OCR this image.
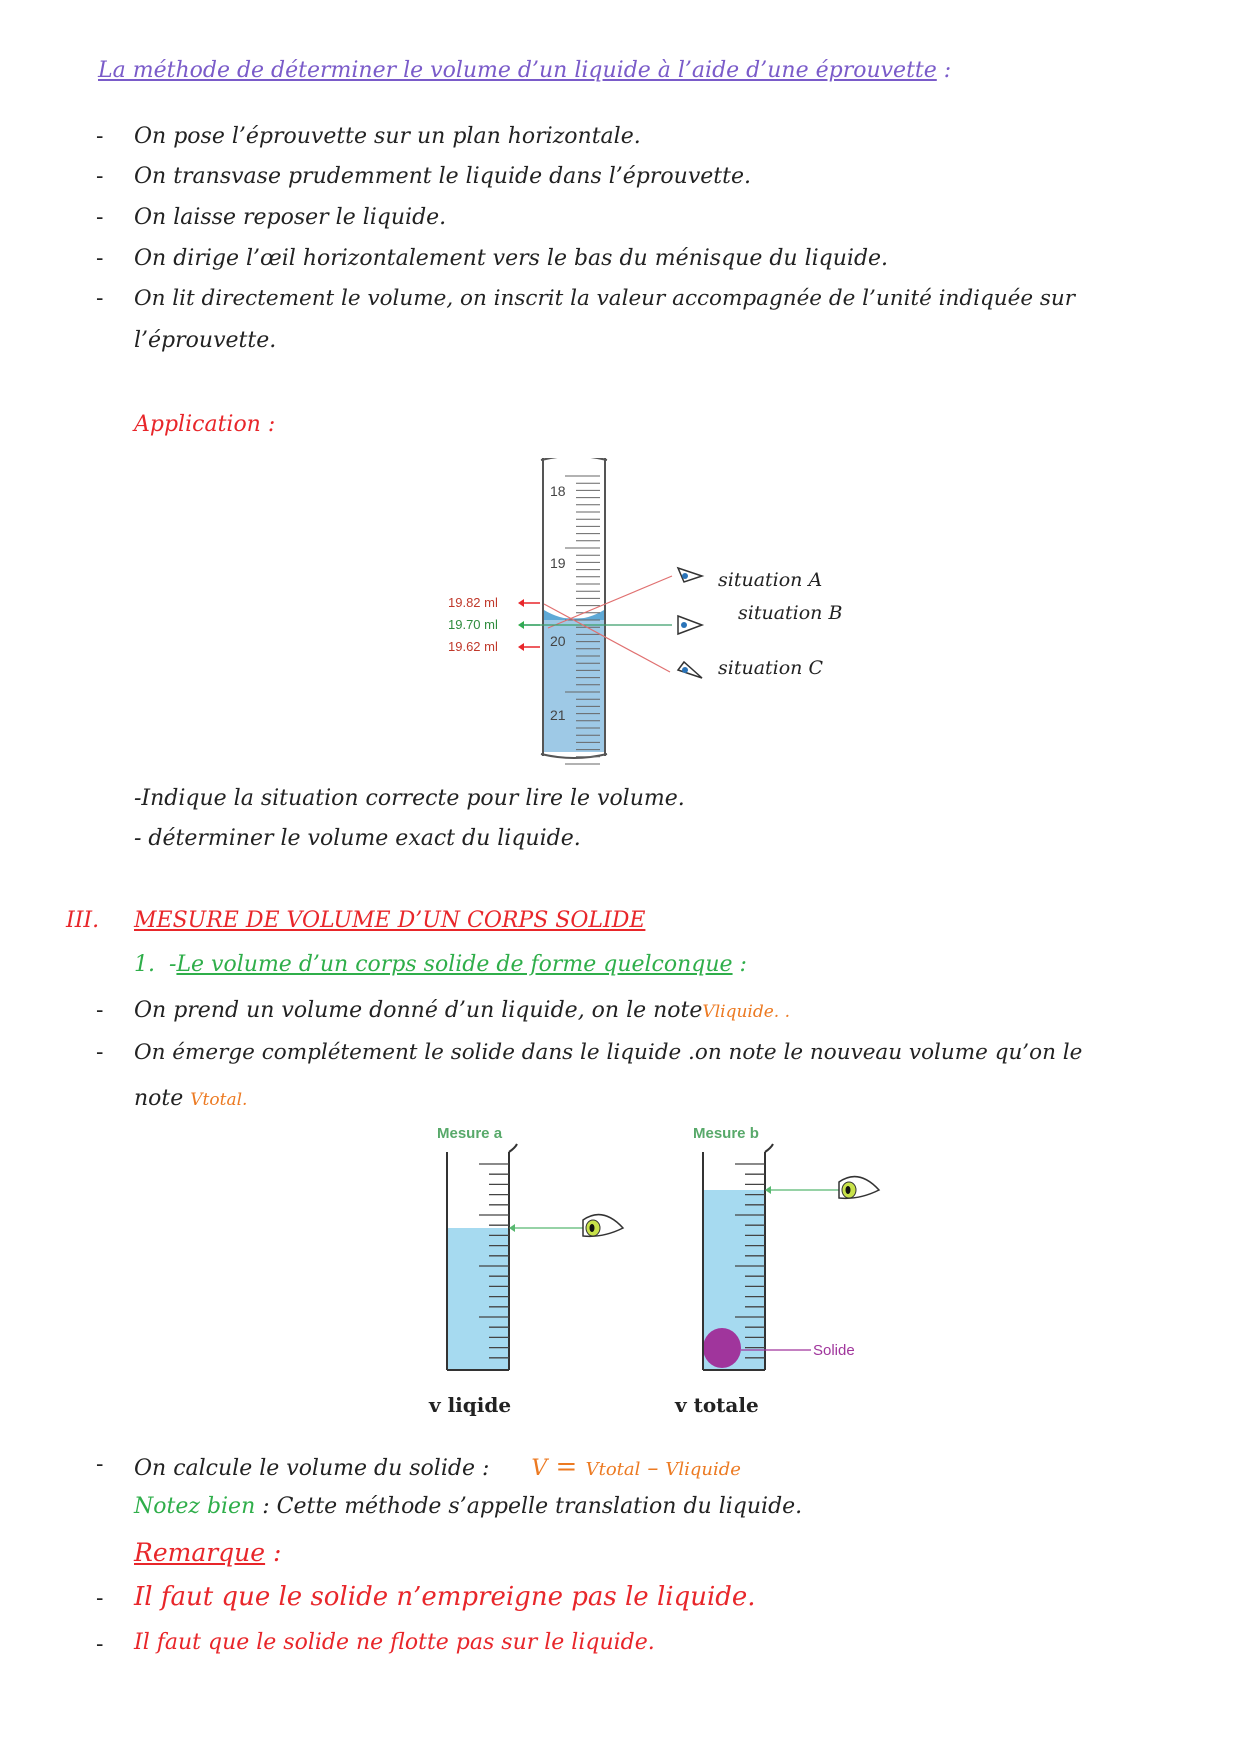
La méthode de déterminer le volume d’un liquide à l’aide d’une éprouvette :
- On pose l’éprouvette sur un plan horizontale.
- On transvase prudemment le liquide dans l’éprouvette.
- On laisse reposer le liquide.
- On dirige l’œil horizontalement vers le bas du ménisque du liquide.
- On lit directement le volume, on inscrit la valeur accompagnée de l’unité indiquée sur
l’éprouvette.
Application :
18
19
20
21
19.82 ml
19.70 ml
19.62 ml
situation A
situation B
situation C
-Indique la situation correcte pour lire le volume.
- déterminer le volume exact du liquide.
III. MESURE DE VOLUME D’UN CORPS SOLIDE
1. -Le volume d’un corps solide de forme quelconque :
- On prend un volume donné d’un liquide, on le noteVliquide. .
- On émerge complétement le solide dans le liquide .on note le nouveau volume qu’on le
note Vtotal.
Mesure a	Mesure b
Solide
v liqide	v totale
- On calcule le volume du solide : V = Vtotal – Vliquide
Notez bien : Cette méthode s’appelle translation du liquide.
Remarque :
- Il faut que le solide n’empreigne pas le liquide.
- Il faut que le solide ne flotte pas sur le liquide.
